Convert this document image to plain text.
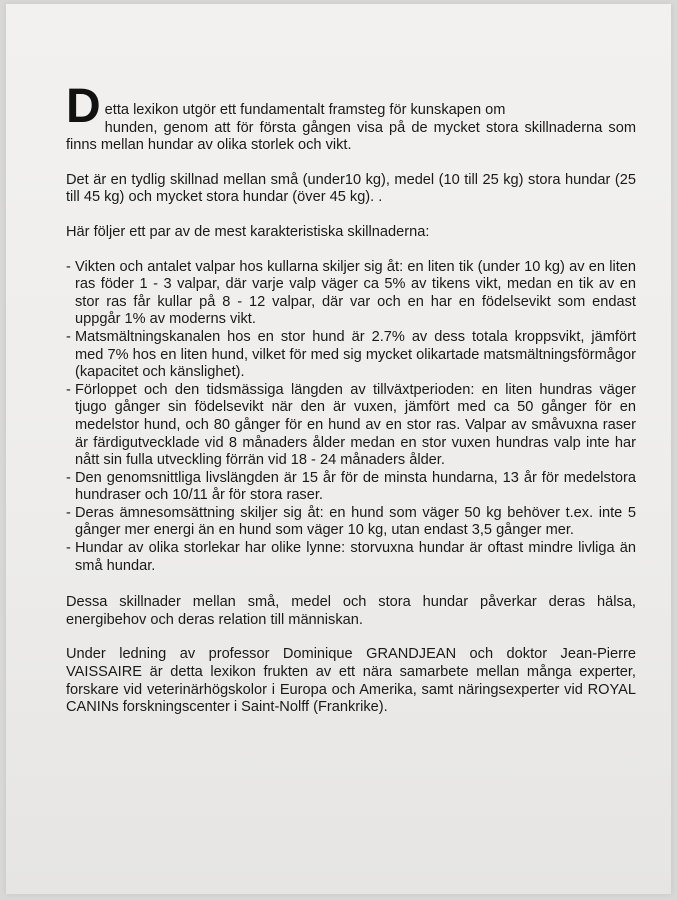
D etta lexikon utgör ett fundamentalt framsteg för kunskapen om
hunden, genom att för första gången visa på de mycket stora skillnaderna som finns mellan hundar av olika storlek och vikt.

Det är en tydlig skillnad mellan små (under10 kg), medel (10 till 25 kg) stora hundar (25 till 45 kg) och mycket stora hundar (över 45 kg). .

Här följer ett par av de mest karakteristiska skillnaderna:

- Vikten och antalet valpar hos kullarna skiljer sig åt: en liten tik (under 10 kg) av en liten ras föder 1 - 3 valpar, där varje valp väger ca 5% av tikens vikt, medan en tik av en stor ras får kullar på 8 - 12 valpar, där var och en har en födelsevikt som endast uppgår 1% av moderns vikt.
- Matsmältningskanalen hos en stor hund är 2.7% av dess totala kroppsvikt, jämfört med 7% hos en liten hund, vilket för med sig mycket olikartade matsmältningsförmågor (kapacitet och känslighet).
- Förloppet och den tidsmässiga längden av tillväxtperioden: en liten hundras väger tjugo gånger sin födelsevikt när den är vuxen, jämfört med ca 50 gånger för en medelstor hund, och 80 gånger för en hund av en stor ras. Valpar av småvuxna raser är färdigutvecklade vid 8 månaders ålder medan en stor vuxen hundras valp inte har nått sin fulla utveckling förrän vid 18 - 24 månaders ålder.
- Den genomsnittliga livslängden är 15 år för de minsta hundarna, 13 år för medelstora hundraser och 10/11 år för stora raser.
- Deras ämnesomsättning skiljer sig åt: en hund som väger 50 kg behöver t.ex. inte 5 gånger mer energi än en hund som väger 10 kg, utan endast 3,5 gånger mer.
- Hundar av olika storlekar har olike lynne: storvuxna hundar är oftast mindre livliga än små hundar.

Dessa skillnader mellan små, medel och stora hundar påverkar deras hälsa, energibehov och deras relation till människan.

Under ledning av professor Dominique GRANDJEAN och doktor Jean-Pierre VAISSAIRE är detta lexikon frukten av ett nära samarbete mellan många experter, forskare vid veterinärhögskolor i Europa och Amerika, samt näringsexperter vid ROYAL CANINs forskningscenter i Saint-Nolff (Frankrike).
